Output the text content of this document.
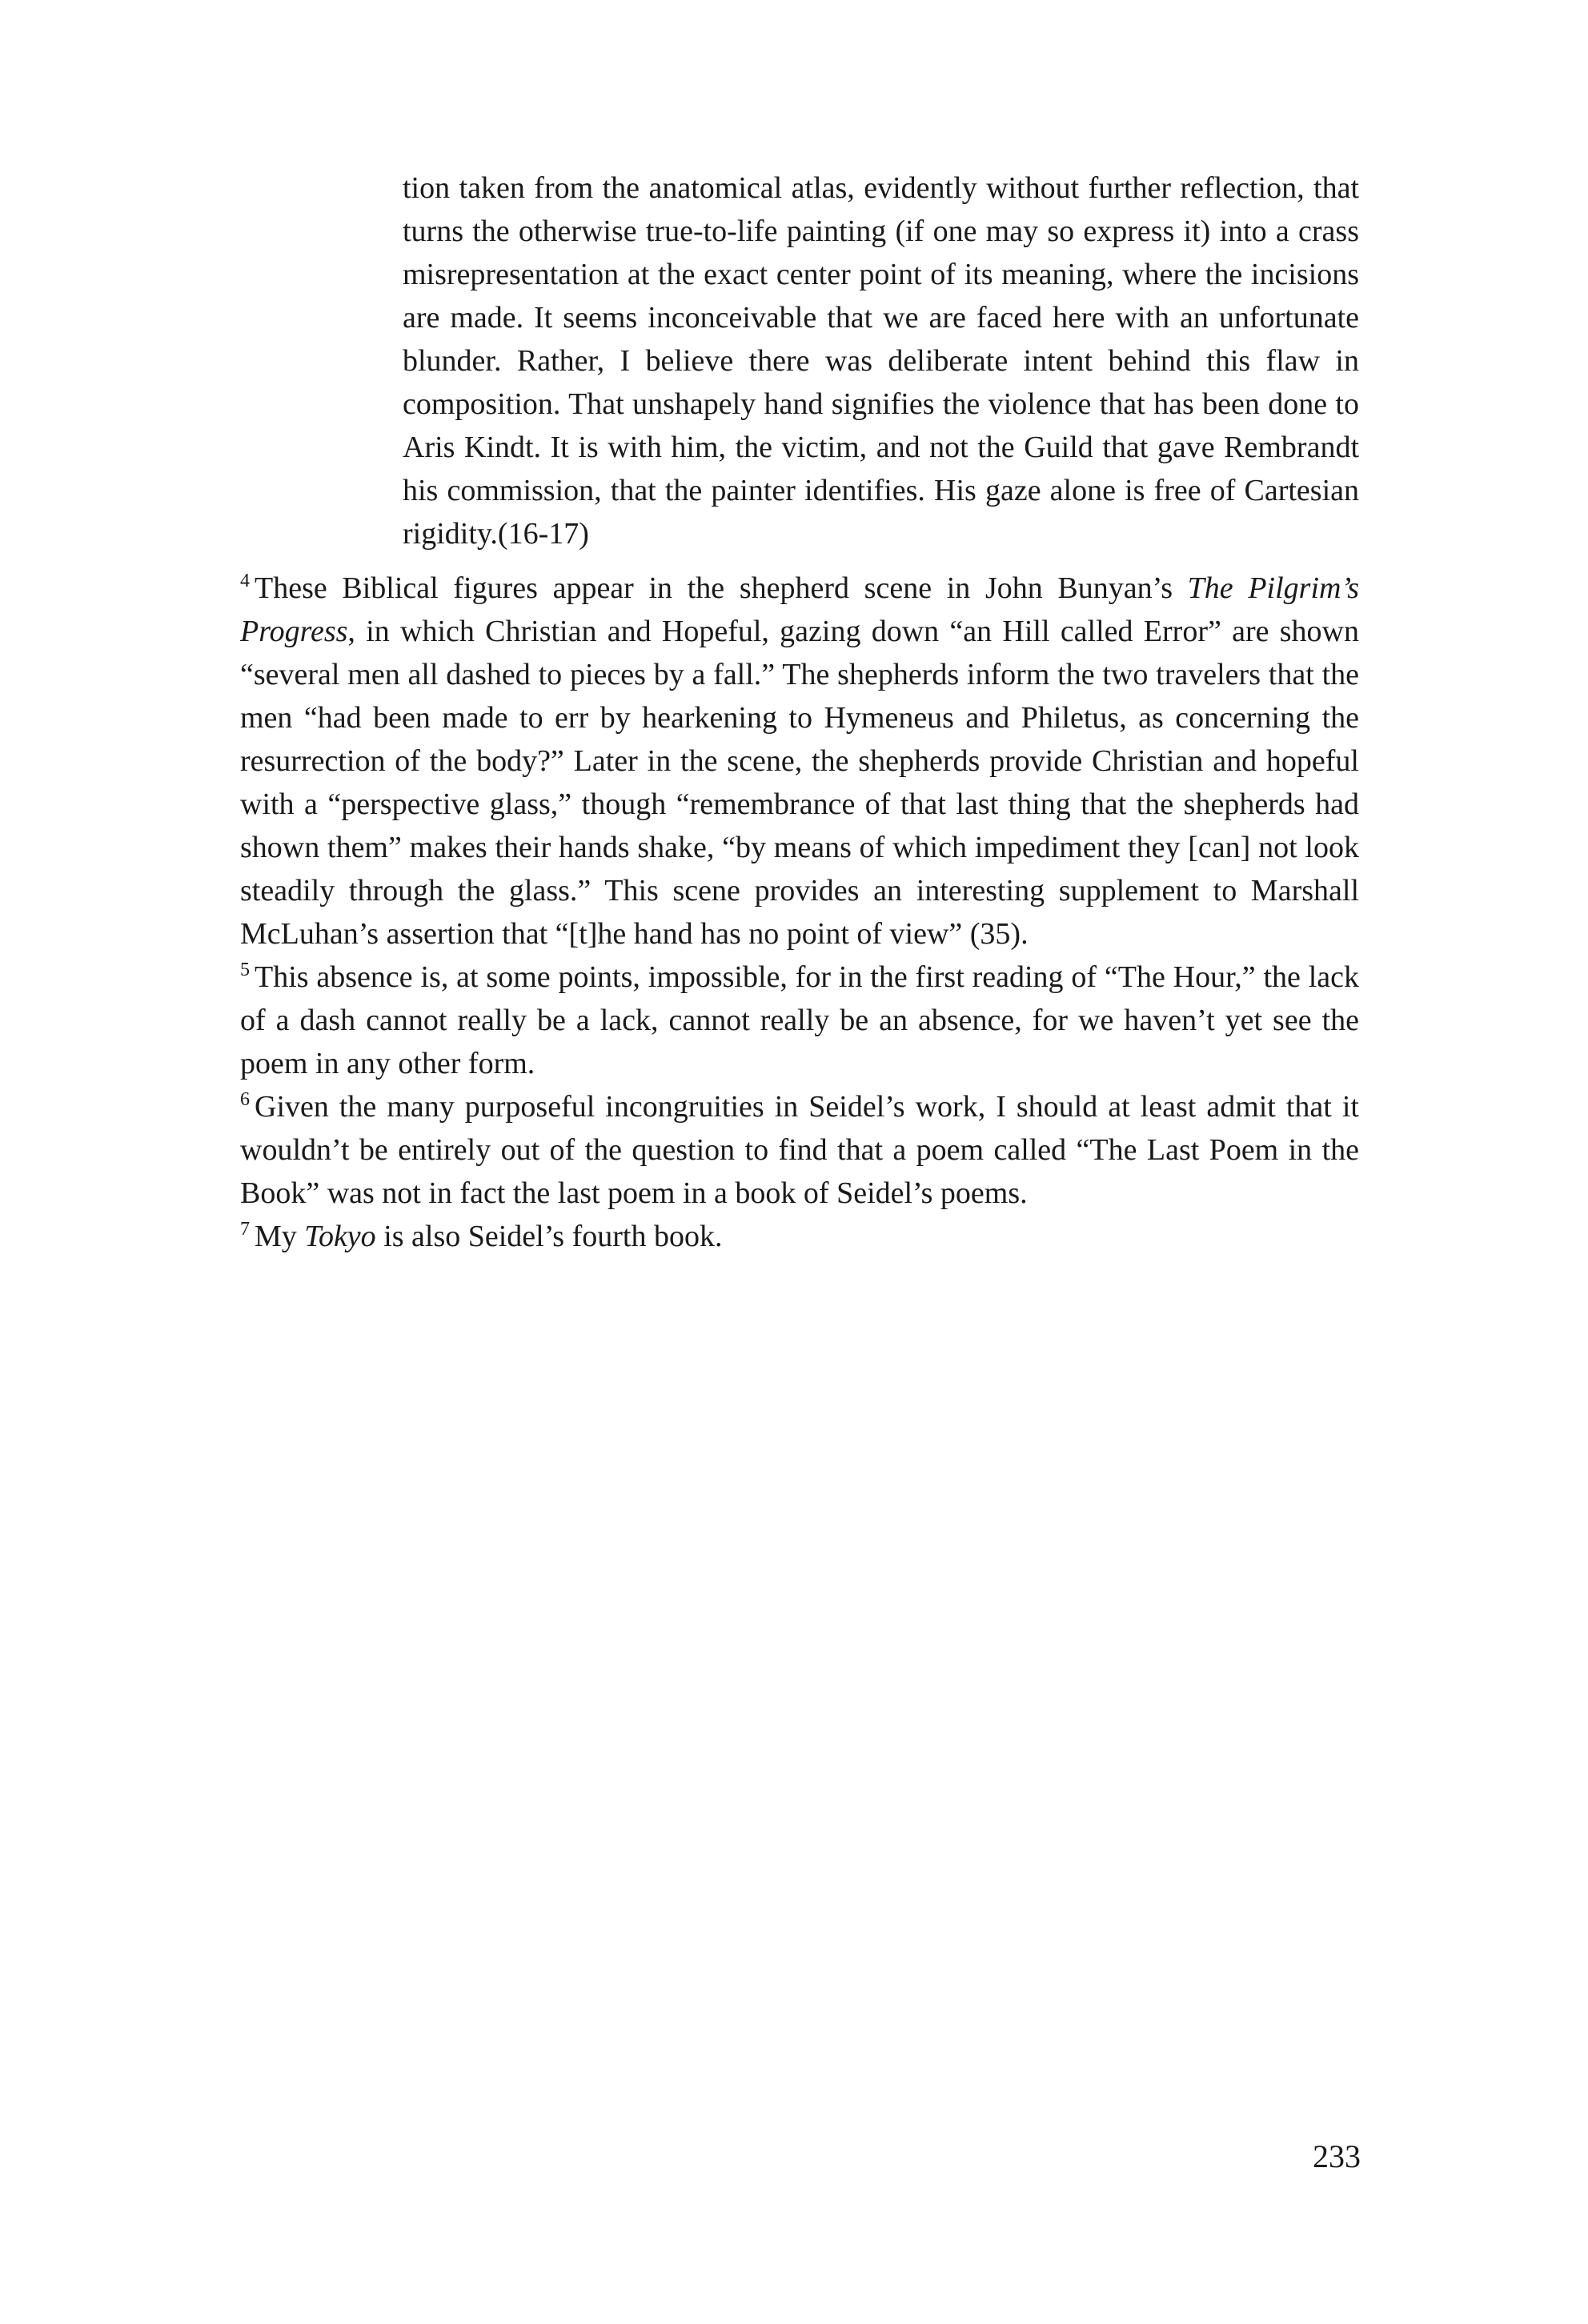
tion taken from the anatomical atlas, evidently without further reflection, that turns the otherwise true-to-life painting (if one may so express it) into a crass misrepresentation at the exact center point of its meaning, where the incisions are made. It seems inconceivable that we are faced here with an unfortunate blunder. Rather, I believe there was deliberate intent behind this flaw in composition. That unshapely hand signifies the violence that has been done to Aris Kindt. It is with him, the victim, and not the Guild that gave Rembrandt his commission, that the painter identifies. His gaze alone is free of Cartesian rigidity.(16-17)

$^4$ These Biblical figures appear in the shepherd scene in John Bunyan’s The Pilgrim’s Progress, in which Christian and Hopeful, gazing down “an Hill called Error” are shown “several men all dashed to pieces by a fall.” The shepherds inform the two travelers that the men “had been made to err by hearkening to Hymeneus and Philetus, as concerning the resurrection of the body?” Later in the scene, the shepherds provide Christian and hopeful with a “perspective glass,” though “remembrance of that last thing that the shepherds had shown them” makes their hands shake, “by means of which impediment they [can] not look steadily through the glass.” This scene provides an interesting supplement to Marshall McLuhan’s assertion that “[t]he hand has no point of view” (35).

$^5$ This absence is, at some points, impossible, for in the first reading of “The Hour,” the lack of a dash cannot really be a lack, cannot really be an absence, for we haven’t yet see the poem in any other form.

$^6$ Given the many purposeful incongruities in Seidel’s work, I should at least admit that it wouldn’t be entirely out of the question to find that a poem called “The Last Poem in the Book” was not in fact the last poem in a book of Seidel’s poems.

$^7$ My Tokyo is also Seidel’s fourth book.

233
